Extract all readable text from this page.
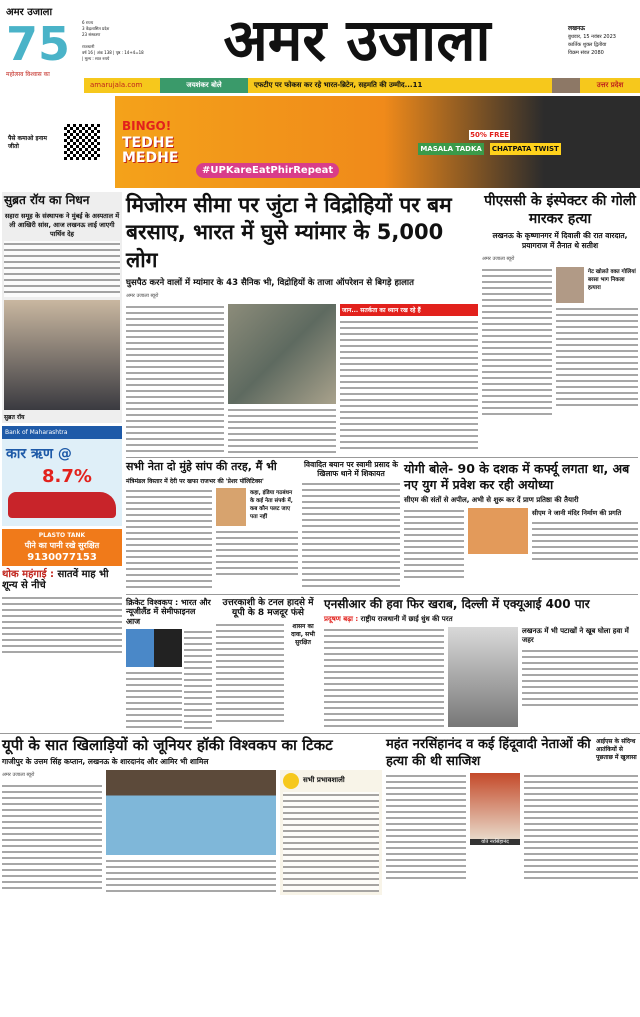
अमर उजाला
75
महोत्सव विश्वास का
6 राज्य
3 केंद्रशासित प्रदेश
23 संस्करण
राजधानी
वर्ष 16 | अंक 138 | पृष्ठ : 14+4=18 | मूल्य : सात रुपये	अमर उजाला	लखनऊ
बुधवार, 15 नवंबर 2023
कार्तिक शुक्ल द्वितीया
विक्रम संवत 2080
amarujala.com	जयशंकर बोले	एफटीए पर फोकस कर रहे भारत-ब्रिटेन, सहमति की उम्मीद...11	उत्तर प्रदेश
पैसे कमाओ इनाम जीतो
BINGO!
TEDHE MEDHE
#UPKareEatPhirRepeat
50% FREE
MASALA TADKA CHATPATA TWIST
सुब्रत रॉय का निधन
सहारा समूह के संस्थापक ने मुंबई के अस्पताल में ली आखिरी सांस, आज लखनऊ लाई जाएगी पार्थिव देह
सुब्रत रॉय
Bank of Maharashtra
कार ऋण @
8.7%
PLASTO TANK
पीने का पानी रखे सुरक्षित
9130077153
थोक महंगाई : सातवें माह भी शून्य से नीचे
मिजोरम सीमा पर जुंटा ने विद्रोहियों पर बम बरसाए, भारत में घुसे म्यांमार के 5,000 लोग
घुसपैठ करने वालों में म्यांमार के 43 सैनिक भी, विद्रोहियों के ताजा ऑपरेशन से बिगड़े हालात
अमर उजाला ब्यूरो
जान... सतर्कता का ध्यान रख रहे हैं
पीएससी के इंस्पेक्टर की गोली मारकर हत्या
लखनऊ के कृष्णानगर में दिवाली की रात वारदात, प्रयागराज में तैनात थे सतीश
अमर उजाला ब्यूरो
गेट खोलते वक्त गोलियां बरसा भाग निकला हत्यारा
सभी नेता दो मुंहे सांप की तरह, मैं भी
मंत्रिमंडल विस्तार में देरी पर खफा राजभर की 'प्रेशर पॉलिटिक्स'
कहा, इंडिया गठबंधन के कई नेता संपर्क में, कब कौन पलट जाए पता नहीं
विवादित बयान पर स्वामी प्रसाद के खिलाफ थाने में शिकायत	योगी बोले- 90 के दशक में कर्फ्यू लगता था, अब नए युग में प्रवेश कर रही अयोध्या
सीएम की संतों से अपील, अभी से शुरू कर दें प्राण प्रतिष्ठा की तैयारी
सीएम ने जानी मंदिर निर्माण की प्रगति
क्रिकेट विश्वकप : भारत और न्यूजीलैंड में सेमीफाइनल आज
उत्तरकाशी के टनल हादसे में यूपी के 8 मजदूर फंसे
शासन का दावा, सभी सुरक्षित
एनसीआर की हवा फिर खराब, दिल्ली में एक्यूआई 400 पार
प्रदूषण बढ़ा : राष्ट्रीय राजधानी में छाई धुंध की परत
लखनऊ में भी पटाखों ने खूब घोला हवा में जहर
यूपी के सात खिलाड़ियों को जूनियर हॉकी विश्वकप का टिकट
गाजीपुर के उत्तम सिंह कप्तान, लखनऊ के शारदानंद और आमिर भी शामिल
अमर उजाला ब्यूरो
सभी प्रभावशाली
महंत नरसिंहानंद व कई हिंदूवादी नेताओं की हत्या की थी साजिश
आईएस के संदिग्ध आतंकियों से पूछताछ में खुलासा
यति नरसिंहानंद
